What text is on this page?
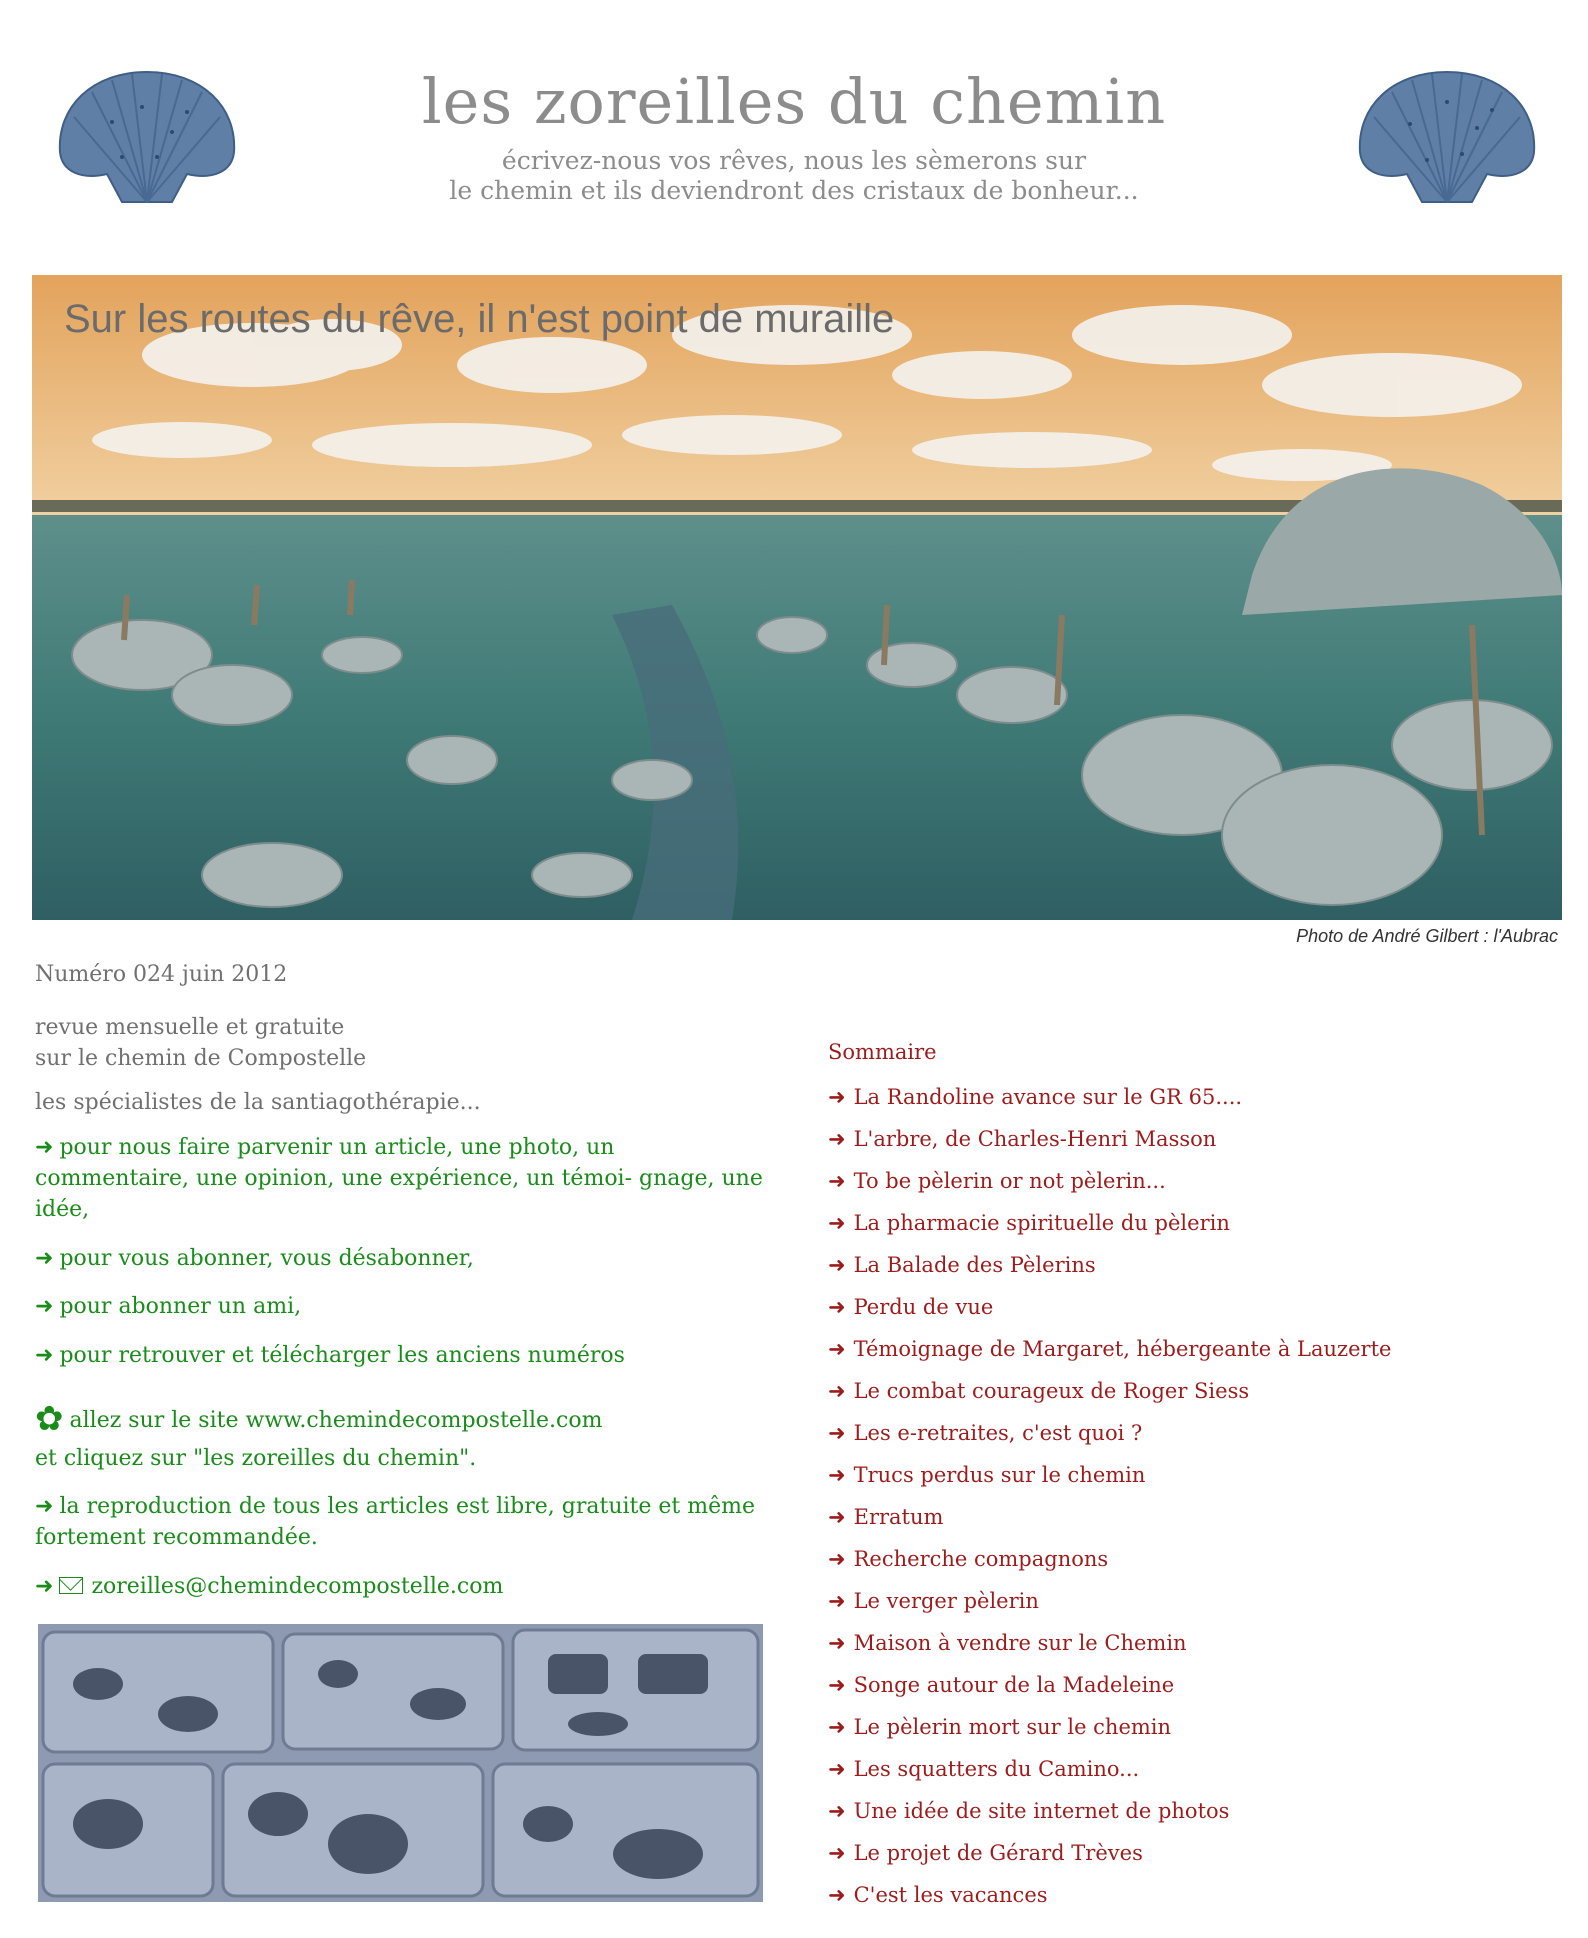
les zoreilles du chemin
écrivez-nous vos rêves, nous les sèmerons sur
le chemin et ils deviendront des cristaux de bonheur...
Sur les routes du rêve, il n'est point de muraille
Photo de André Gilbert : l'Aubrac
Numéro 024 juin 2012
revue mensuelle et gratuite
sur le chemin de Compostelle
les spécialistes de la santiagothérapie...
➜ pour nous faire parvenir un article, une photo, un commentaire, une opinion, une expérience, un témoi- gnage, une idée,
➜ pour vous abonner, vous désabonner,
➜ pour abonner un ami,
➜ pour retrouver et télécharger les anciens numéros
✿ allez sur le site www.chemindecompostelle.com
et cliquez sur "les zoreilles du chemin".
➜ la reproduction de tous les articles est libre, gratuite et même fortement recommandée.
➜ zoreilles@chemindecompostelle.com
Sommaire
➜ La Randoline avance sur le GR 65....
➜ L'arbre, de Charles-Henri Masson
➜ To be pèlerin or not pèlerin...
➜ La pharmacie spirituelle du pèlerin
➜ La Balade des Pèlerins
➜ Perdu de vue
➜ Témoignage de Margaret, hébergeante à Lauzerte
➜ Le combat courageux de Roger Siess
➜ Les e-retraites, c'est quoi ?
➜ Trucs perdus sur le chemin
➜ Erratum
➜ Recherche compagnons
➜ Le verger pèlerin
➜ Maison à vendre sur le Chemin
➜ Songe autour de la Madeleine
➜ Le pèlerin mort sur le chemin
➜ Les squatters du Camino...
➜ Une idée de site internet de photos
➜ Le projet de Gérard Trèves
➜ C'est les vacances
